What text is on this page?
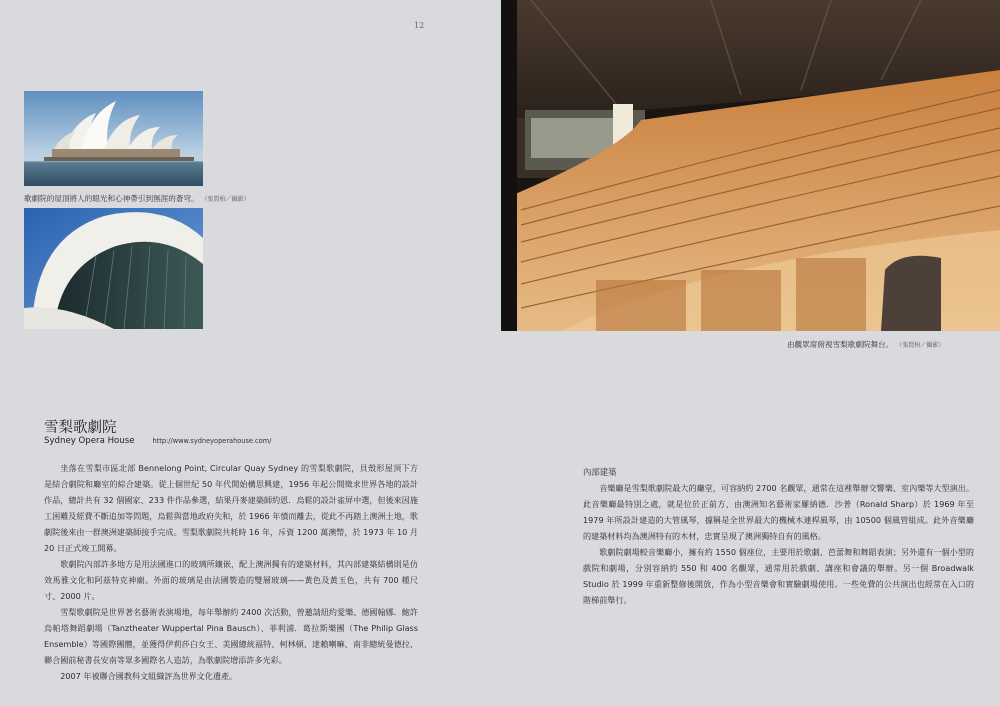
12
歌劇院的屋頂將人的眼光和心神帶引到無涯的蒼穹。 （張賢柏／攝影）
由觀眾席俯視雪梨歌劇院舞台。 （張賢柏／攝影）
雪梨歌劇院
Sydney Opera House	http://www.sydneyoperahouse.com/

坐落在雪梨市區北部 Bennelong Point, Circular Quay Sydney 的雪梨歌劇院，貝殼形屋頂下方是結合劇院和廳室的綜合建築。從上個世紀 50 年代開始構思興建，1956 年起公開徵求世界各地的設計作品，總計共有 32 個國家、233 件作品參選，結果丹麥建築師約恩．烏鬆的設計雀屏中選，但後來因施工困難及經費不斷追加等問題，烏鬆與當地政府失和，於 1966 年憤而離去，從此不再踏上澳洲土地，歌劇院後來由一群澳洲建築師接手完成。雪梨歌劇院共耗時 16 年，斥資 1200 萬澳幣，於 1973 年 10 月 20 日正式竣工開幕。

歌劇院內部許多地方是用法國進口的玻璃所鑲嵌，配上澳洲獨有的建築材料，其內部建築結構則是仿效馬雅文化和阿茲特克神廟。外面的玻璃是由法國製造的雙層玻璃——黃色及黃玉色，共有 700 種尺寸、2000 片。

雪梨歌劇院是世界著名藝術表演場地，每年舉辦約 2400 次活動，曾邀請紐約愛樂、德國翰娜．鮑許烏帕塔舞蹈劇場（Tanztheater Wuppertal Pina Bausch）、菲利浦．葛拉斯樂團（The Philip Glass Ensemble）等國際團體，並獲得伊莉莎白女王、美國總統福特、柯林頓、達賴喇嘛、南非總統曼德拉、聯合國前秘書長安南等眾多國際名人造訪，為歌劇院增添許多光彩。

2007 年被聯合國教科文組織評為世界文化遺產。

內部建築

音樂廳是雪梨歌劇院最大的廳堂，可容納約 2700 名觀眾，通常在這裡舉辦交響樂、室內樂等大型演出。此音樂廳最特別之處，就是位於正前方、由澳洲知名藝術家羅納德．沙普（Ronald Sharp）於 1969 年至 1979 年所設計建造的大管風琴，據稱是全世界最大的機械木連桿風琴，由 10500 個風管組成。此外音樂廳的建築材料均為澳洲特有的木材，忠實呈現了澳洲獨特自有的風格。

歌劇院劇場較音樂廳小，擁有約 1550 個座位，主要用於歌劇、芭蕾舞和舞蹈表演；另外還有一個小型的戲院和劇場，分別容納約 550 和 400 名觀眾，通常用於戲劇、講座和會議的舉辦。另一個 Broadwalk Studio 於 1999 年重新整修後開放，作為小型音樂會和實驗劇場使用。一些免費的公共演出也經常在入口的階梯前舉行。
